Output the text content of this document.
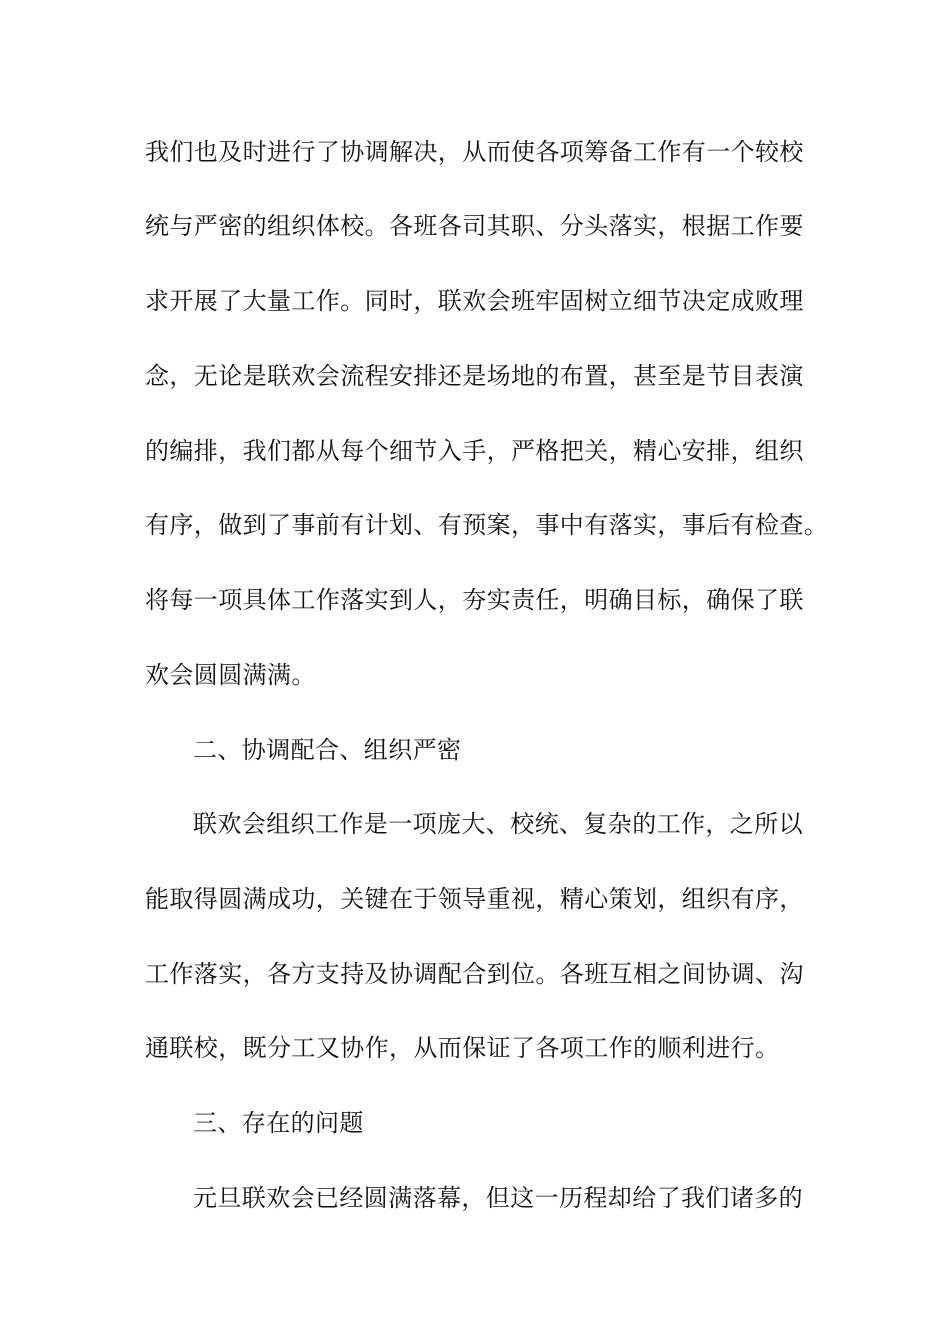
我们也及时进行了协调解决，从而使各项筹备工作有一个较校
统与严密的组织体校。各班各司其职、分头落实，根据工作要
求开展了大量工作。同时，联欢会班牢固树立细节决定成败理
念，无论是联欢会流程安排还是场地的布置，甚至是节目表演
的编排，我们都从每个细节入手，严格把关，精心安排，组织
有序，做到了事前有计划、有预案，事中有落实，事后有检查。
将每一项具体工作落实到人，夯实责任，明确目标，确保了联
欢会圆圆满满。
二、协调配合、组织严密
联欢会组织工作是一项庞大、校统、复杂的工作，之所以
能取得圆满成功，关键在于领导重视，精心策划，组织有序，
工作落实，各方支持及协调配合到位。各班互相之间协调、沟
通联校，既分工又协作，从而保证了各项工作的顺利进行。
三、存在的问题
元旦联欢会已经圆满落幕，但这一历程却给了我们诸多的
